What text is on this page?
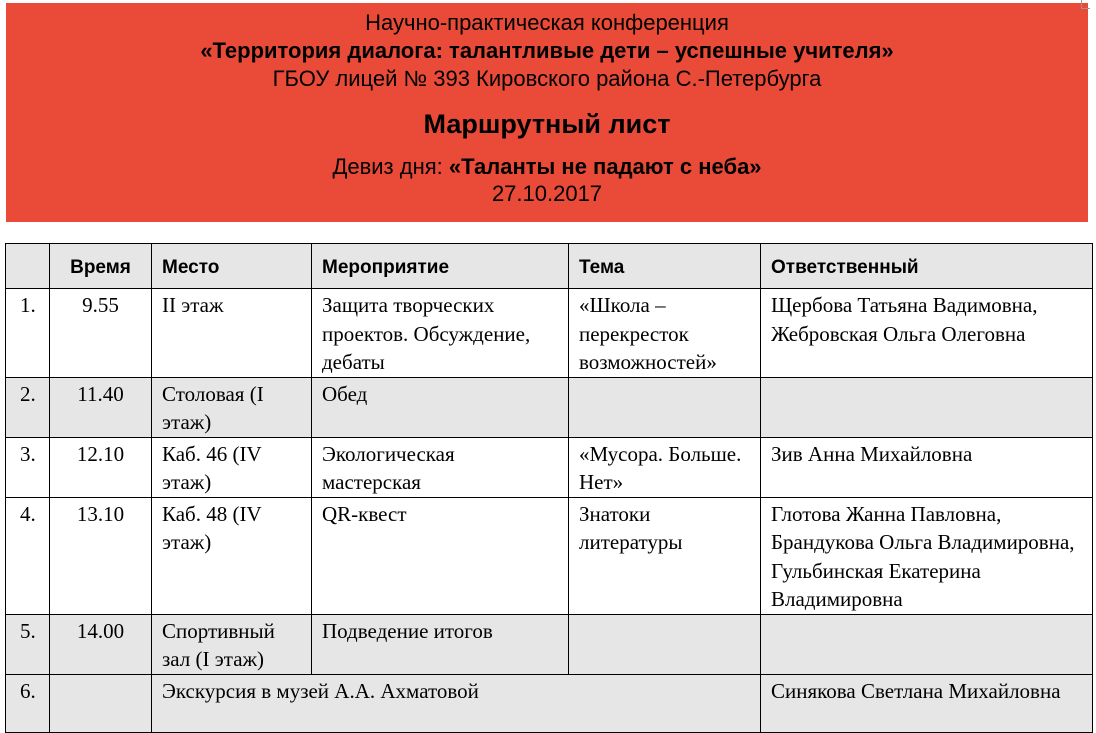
Научно-практическая конференция
«Территория диалога: талантливые дети – успешные учителя»
ГБОУ лицей № 393 Кировского района С.-Петербурга
Маршрутный лист
Девиз дня: «Таланты не падают с неба»
27.10.2017
	Время	Место	Мероприятие	Тема	Ответственный
1.	9.55	II этаж	Защита творческих проектов. Обсуждение, дебаты	«Школа – перекресток возможностей»	Щербова Татьяна Вадимовна, Жебровская Ольга Олеговна
2.	11.40	Столовая (I этаж)	Обед		
3.	12.10	Каб. 46 (IV этаж)	Экологическая мастерская	«Мусора. Больше. Нет»	Зив Анна Михайловна
4.	13.10	Каб. 48 (IV этаж)	QR-квест	Знатоки литературы	Глотова Жанна Павловна, Брандукова Ольга Владимировна, Гульбинская Екатерина Владимировна
5.	14.00	Спортивный зал (I этаж)	Подведение итогов		
6.		Экскурсия в музей А.А. Ахматовой			Синякова Светлана Михайловна
